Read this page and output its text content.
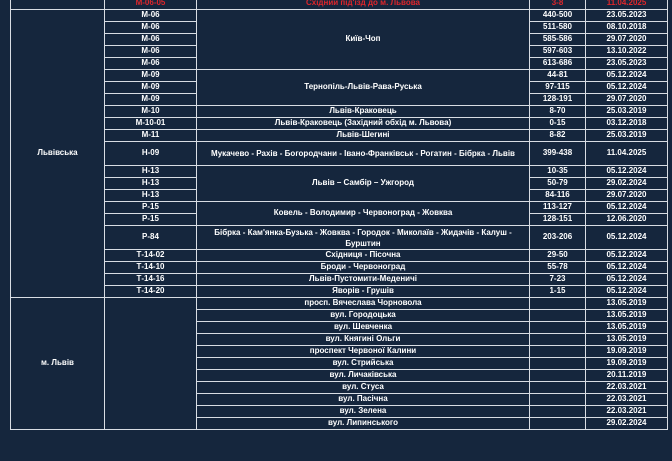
	М-06-05	Східний під'їзд до м. Львова	3-8	11.04.2025
Львівська	М-06	Київ-Чоп	440-500	23.05.2023
	М-06		511-580	08.10.2018
	М-06		585-586	29.07.2020
	М-06		597-603	13.10.2022
	М-06		613-686	23.05.2023
	М-09	Тернопіль-Львів-Рава-Руська	44-81	05.12.2024
	М-09		97-115	05.12.2024
	М-09		128-191	29.07.2020
	М-10	Львів-Краковець	8-70	25.03.2019
	М-10-01	Львів-Краковець (Західний обхід м. Львова)	0-15	03.12.2018
	М-11	Львів-Шегині	8-82	25.03.2019
	Н-09	Мукачево - Рахів - Богородчани - Івано-Франківськ - Рогатин - Бібрка - Львів	399-438	11.04.2025
	Н-13	Львів – Самбір – Ужгород	10-35	05.12.2024
	Н-13		50-79	29.02.2024
	Н-13		84-116	29.07.2020
	Р-15	Ковель - Володимир - Червоноград - Жовква	113-127	05.12.2024
	Р-15		128-151	12.06.2020
	Р-84	Бібрка - Кам'янка-Бузька - Жовква - Городок - Миколаїв - Жидачів - Калуш - Бурштин	203-206	05.12.2024
	Т-14-02	Східниця - Пісочна	29-50	05.12.2024
	Т-14-10	Броди - Червоноград	55-78	05.12.2024
	Т-14-16	Львів-Пустомити-Меденичі	7-23	05.12.2024
	Т-14-20	Яворів - Грушів	1-15	05.12.2024
м. Львів		просп. Вячеслава Чорновола		13.05.2019
		вул. Городоцька		13.05.2019
		вул. Шевченка		13.05.2019
		вул. Княгині Ольги		13.05.2019
		проспект Червоної Калини		19.09.2019
		вул. Стрийська		19.09.2019
		вул. Личаківська		20.11.2019
		вул. Стуса		22.03.2021
		вул. Пасічна		22.03.2021
		вул. Зелена		22.03.2021
		вул. Липинського		29.02.2024
